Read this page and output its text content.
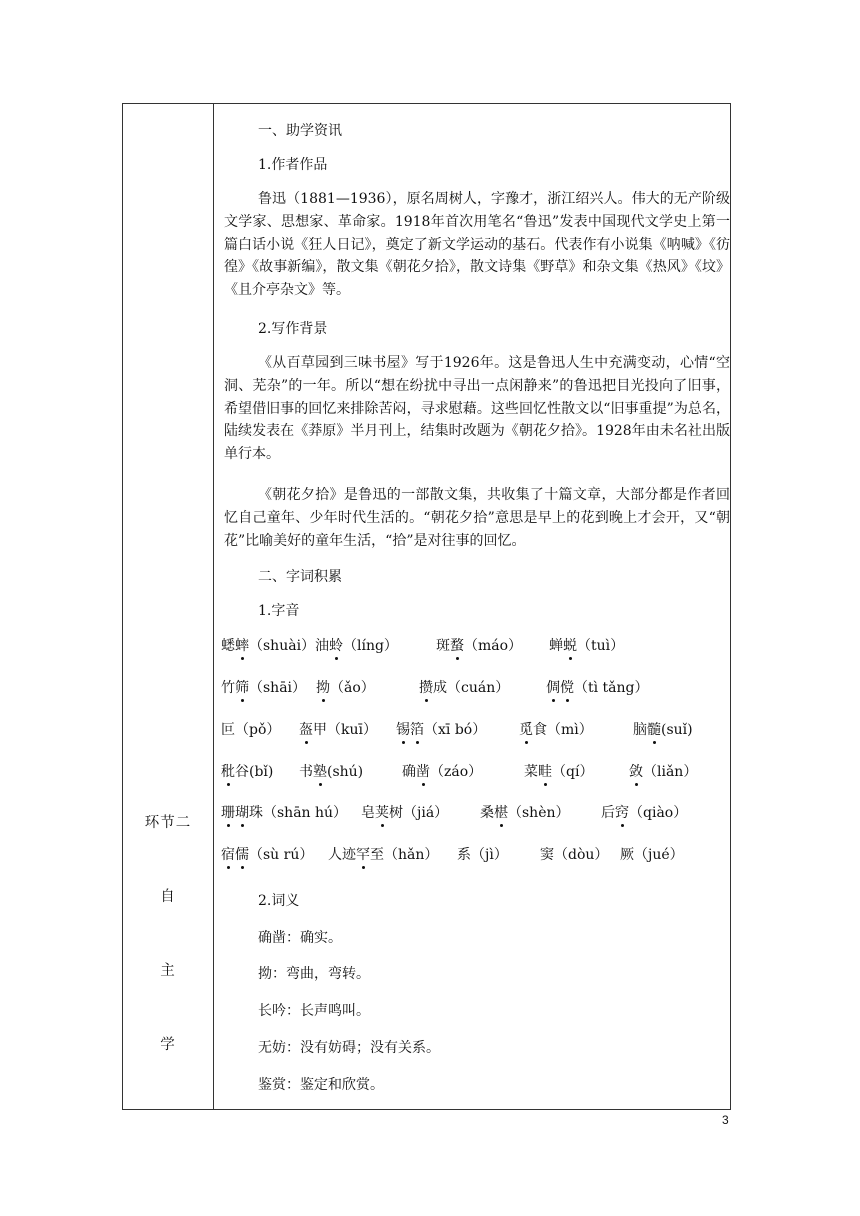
环节二
自
主
学
一、助学资讯
1.作者作品
鲁迅（1881—1936），原名周树人，字豫才，浙江绍兴人。伟大的无产阶级文学家、思想家、革命家。1918年首次用笔名“鲁迅”发表中国现代文学史上第一篇白话小说《狂人日记》，奠定了新文学运动的基石。代表作有小说集《呐喊》《彷徨》《故事新编》，散文集《朝花夕拾》，散文诗集《野草》和杂文集《热风》《坟》《且介亭杂文》等。
2.写作背景
《从百草园到三味书屋》写于1926年。这是鲁迅人生中充满变动，心情“空洞、芜杂”的一年。所以“想在纷扰中寻出一点闲静来”的鲁迅把目光投向了旧事，希望借旧事的回忆来排除苦闷，寻求慰藉。这些回忆性散文以“旧事重提”为总名，陆续发表在《莽原》半月刊上，结集时改题为《朝花夕拾》。1928年由未名社出版单行本。
《朝花夕拾》是鲁迅的一部散文集，共收集了十篇文章，大部分都是作者回忆自己童年、少年时代生活的。“朝花夕拾”意思是早上的花到晚上才会开，又“朝花”比喻美好的童年生活，“拾”是对往事的回忆。
二、字词积累
1.字音
蟋蟀（shuài） 油蛉（líng）	斑蝥（máo） 蝉蜕（tuì）
竹筛（shāi） 拗（ǎo）	攒成（cuán）	倜傥（tì tǎng）
叵（pǒ） 盔甲（kuī） 锡箔（xī bó） 觅食（mì）	脑髓(suǐ)
秕谷(bǐ) 书塾(shú)	确凿（záo）	菜畦（qí）	敛（liǎn）
珊瑚珠（shān hú） 皂荚树（jiá） 桑椹（shèn） 后窍（qiào）
宿儒（sù rú） 人迹罕至（hǎn） 系（jì） 窦（dòu） 厥（jué）
2.词义
确凿：确实。
拗：弯曲，弯转。
长吟：长声鸣叫。
无妨：没有妨碍；没有关系。
鉴赏：鉴定和欣赏。
3
